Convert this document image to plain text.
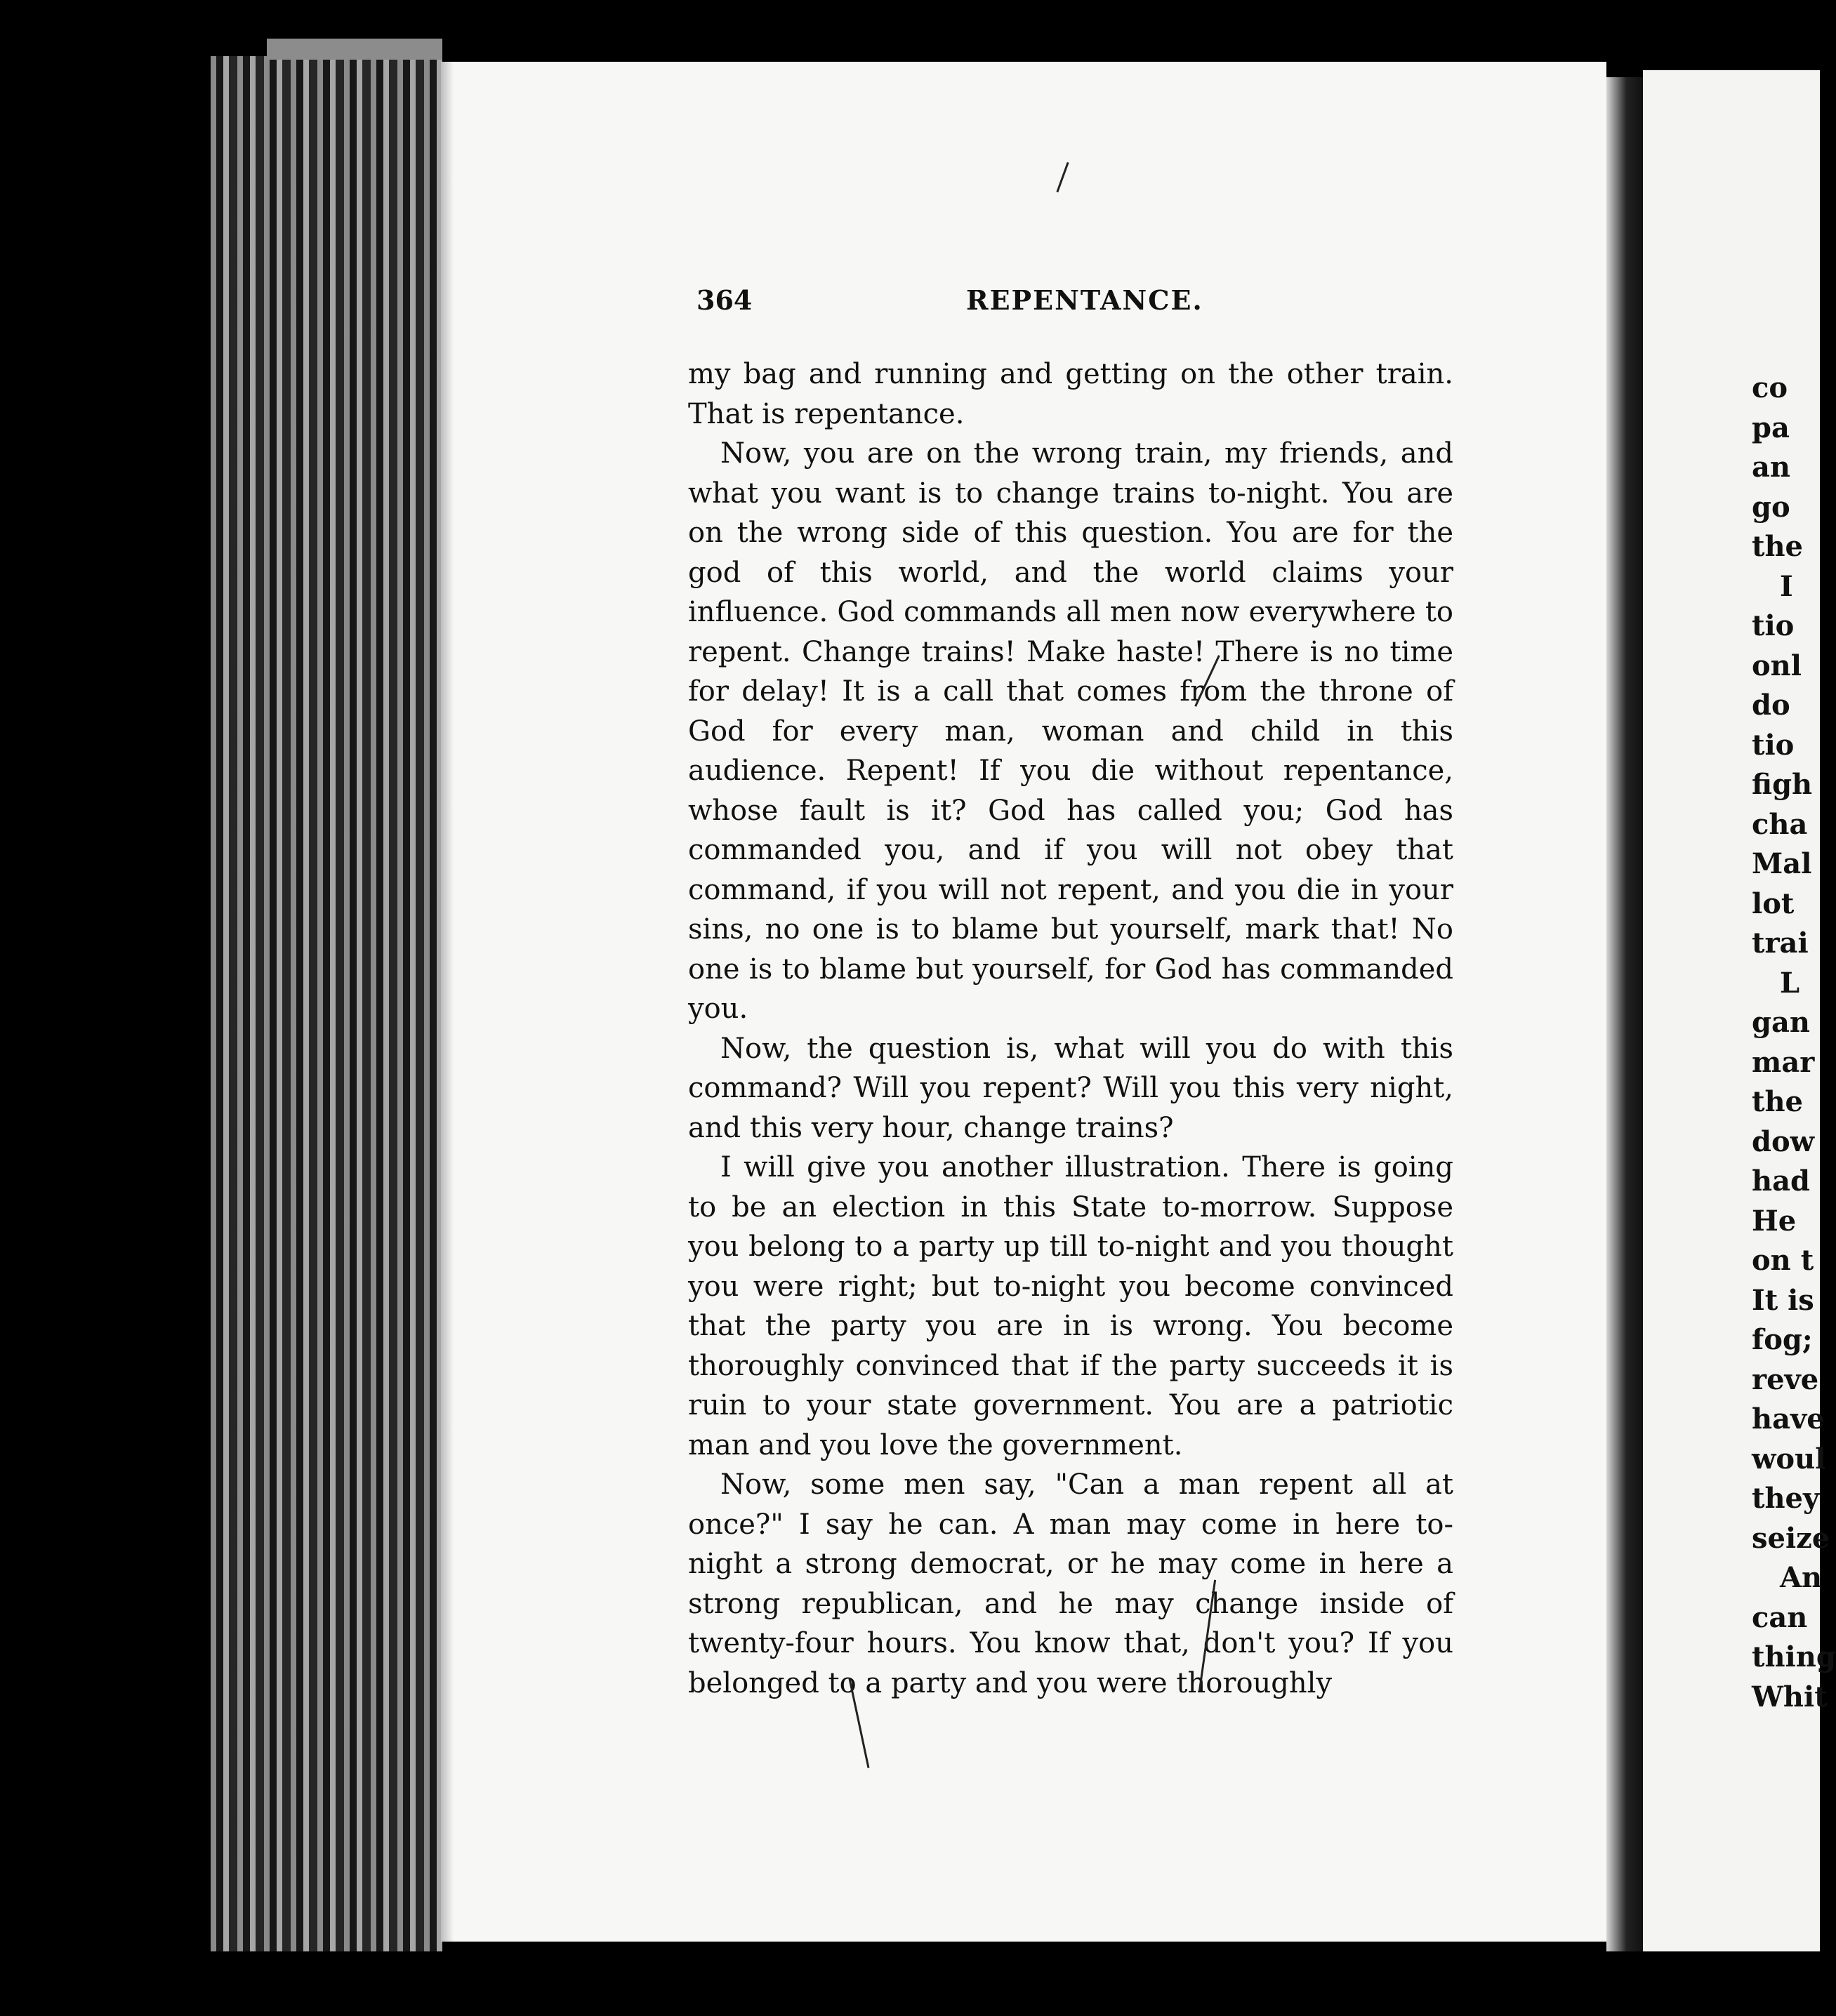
364	REPENTANCE.

my bag and running and getting on the other train. That is repentance.

Now, you are on the wrong train, my friends, and what you want is to change trains to-night. You are on the wrong side of this question. You are for the god of this world, and the world claims your influence. God commands all men now everywhere to repent. Change trains! Make haste! There is no time for delay! It is a call that comes from the throne of God for every man, woman and child in this audience. Repent! If you die without repentance, whose fault is it? God has called you; God has commanded you, and if you will not obey that command, if you will not repent, and you die in your sins, no one is to blame but yourself, mark that! No one is to blame but yourself, for God has commanded you.

Now, the question is, what will you do with this command? Will you repent? Will you this very night, and this very hour, change trains?

I will give you another illustration. There is going to be an election in this State to-morrow. Suppose you belong to a party up till to-night and you thought you were right; but to-night you become convinced that the party you are in is wrong. You become thoroughly convinced that if the party succeeds it is ruin to your state government. You are a patriotic man and you love the government.

Now, some men say, "Can a man repent all at once?" I say he can. A man may come in here to-night a strong democrat, or he may come in here a strong republican, and he may change inside of twenty-four hours. You know that, don't you? If you belonged to a party and you were thoroughly

co
pa
an
go
the
I
tio
onl
do
tio
figh
cha
Mal
lot
trai
L
gan
mar
the
dow
had
He
on t
It is
fog;
reve
have
woul
they
seize
An
can
thing
Whit
